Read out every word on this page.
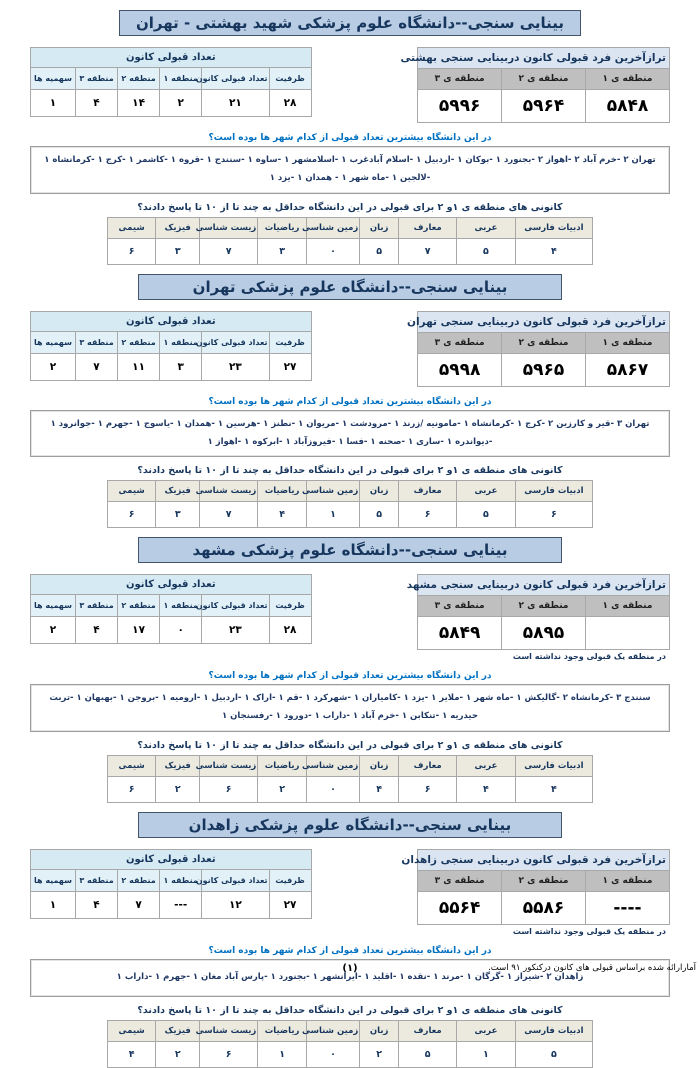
بینایی سنجی--دانشگاه علوم پزشکی شهید بهشتی - تهران
ترازآخرین فرد قبولی کانون دربینایی سنجی بهشتی		
منطقه ی ۱	منطقه ی ۲	منطقه ی ۳
۵۸۴۸	۵۹۶۴	۵۹۹۶
تعداد قبولی کانون					
ظرفیت	تعداد قبولی کانون	منطقه ۱	منطقه ۲	منطقه ۳	سهمیه ها
۲۸	۲۱	۲	۱۴	۴	۱
در این دانشگاه بیشترین تعداد قبولی از کدام شهر ها بوده است؟
تهران ۲ -خرم آباد ۲ -اهواز ۲ -بجنورد ۱ -بوکان ۱ -اردبیل ۱ -اسلام آبادغرب ۱ -اسلامشهر ۱ -ساوه ۱ -سنندج ۱ -قروه ۱ -کاشمر ۱ -کرج ۱ -کرمانشاه ۱ -لالجین ۱ -ماه شهر ۱ - همدان ۱ -یزد ۱
کانونی های منطقه ی ۱و ۲ برای قبولی در این دانشگاه حداقل به چند تا از ۱۰ تا پاسخ دادند؟
ادبیات فارسی	عربی	معارف	زبان	زمین شناسی	ریاضیات	زیست شناسی	فیزیک	شیمی
۴	۵	۷	۵	۰	۳	۷	۳	۶
بینایی سنجی--دانشگاه علوم پزشکی تهران
ترازآخرین فرد قبولی کانون دربینایی سنجی تهران		
منطقه ی ۱	منطقه ی ۲	منطقه ی ۳
۵۸۶۷	۵۹۶۵	۵۹۹۸
تعداد قبولی کانون					
ظرفیت	تعداد قبولی کانون	منطقه ۱	منطقه ۲	منطقه ۳	سهمیه ها
۲۷	۲۳	۳	۱۱	۷	۲
در این دانشگاه بیشترین تعداد قبولی از کدام شهر ها بوده است؟
تهران ۳ -قیر و کارزین ۲ -کرج ۱ -کرمانشاه ۱ -مامونیه /زرند ۱ -مرودشت ۱ -مریوان ۱ -نطنز ۱ -هرسین ۱ -همدان ۱ -یاسوج ۱ -جهرم ۱ -جوانرود ۱ -دیواندره ۱ -ساری ۱ -صحنه ۱ -فسا ۱ -فیروزآباد ۱ -ابرکوه ۱ -اهواز ۱
کانونی های منطقه ی ۱و ۲ برای قبولی در این دانشگاه حداقل به چند تا از ۱۰ تا پاسخ دادند؟
ادبیات فارسی	عربی	معارف	زبان	زمین شناسی	ریاضیات	زیست شناسی	فیزیک	شیمی
۶	۵	۶	۵	۱	۴	۷	۳	۶
بینایی سنجی--دانشگاه علوم پزشکی مشهد
ترازآخرین فرد قبولی کانون دربینایی سنجی مشهد		
منطقه ی ۱	منطقه ی ۲	منطقه ی ۳
	۵۸۹۵	۵۸۴۹
در منطقه یک قبولی وجود نداشته است
تعداد قبولی کانون					
ظرفیت	تعداد قبولی کانون	منطقه ۱	منطقه ۲	منطقه ۳	سهمیه ها
۲۸	۲۳	۰	۱۷	۴	۲
در این دانشگاه بیشترین تعداد قبولی از کدام شهر ها بوده است؟
سنندج ۳ -کرمانشاه ۲ -گالیکش ۱ -ماه شهر ۱ -ملایر ۱ -یزد ۱ -کامیاران ۱ -شهرکرد ۱ -قم ۱ -اراک ۱ -اردبیل ۱ -ارومیه ۱ -بروجن ۱ -بهبهان ۱ -تربت حیدریه ۱ -تنکابن ۱ -خرم آباد ۱ -داراب ۱ -دورود ۱ -رفسنجان ۱
کانونی های منطقه ی ۱و ۲ برای قبولی در این دانشگاه حداقل به چند تا از ۱۰ تا پاسخ دادند؟
ادبیات فارسی	عربی	معارف	زبان	زمین شناسی	ریاضیات	زیست شناسی	فیزیک	شیمی
۴	۴	۶	۴	۰	۲	۶	۲	۶
بینایی سنجی--دانشگاه علوم پزشکی زاهدان
ترازآخرین فرد قبولی کانون دربینایی سنجی زاهدان		
منطقه ی ۱	منطقه ی ۲	منطقه ی ۳
----	۵۵۸۶	۵۵۶۴
در منطقه یک قبولی وجود نداشته است
تعداد قبولی کانون					
ظرفیت	تعداد قبولی کانون	منطقه ۱	منطقه ۲	منطقه ۳	سهمیه ها
۲۷	۱۲	---	۷	۴	۱
در این دانشگاه بیشترین تعداد قبولی از کدام شهر ها بوده است؟
زاهدان ۲ -شیراز ۱ -گرگان ۱ -مرند ۱ -نقده ۱ -اقلید ۱ -ایرانشهر ۱ -بجنورد ۱ -پارس آباد مغان ۱ -جهرم ۱ -داراب ۱
کانونی های منطقه ی ۱و ۲ برای قبولی در این دانشگاه حداقل به چند تا از ۱۰ تا پاسخ دادند؟
ادبیات فارسی	عربی	معارف	زبان	زمین شناسی	ریاضیات	زیست شناسی	فیزیک	شیمی
۵	۱	۵	۲	۰	۱	۶	۲	۴
(۱)	آمارارائه شده براساس قبولی های کانون درکنکور ۹۱ است.
